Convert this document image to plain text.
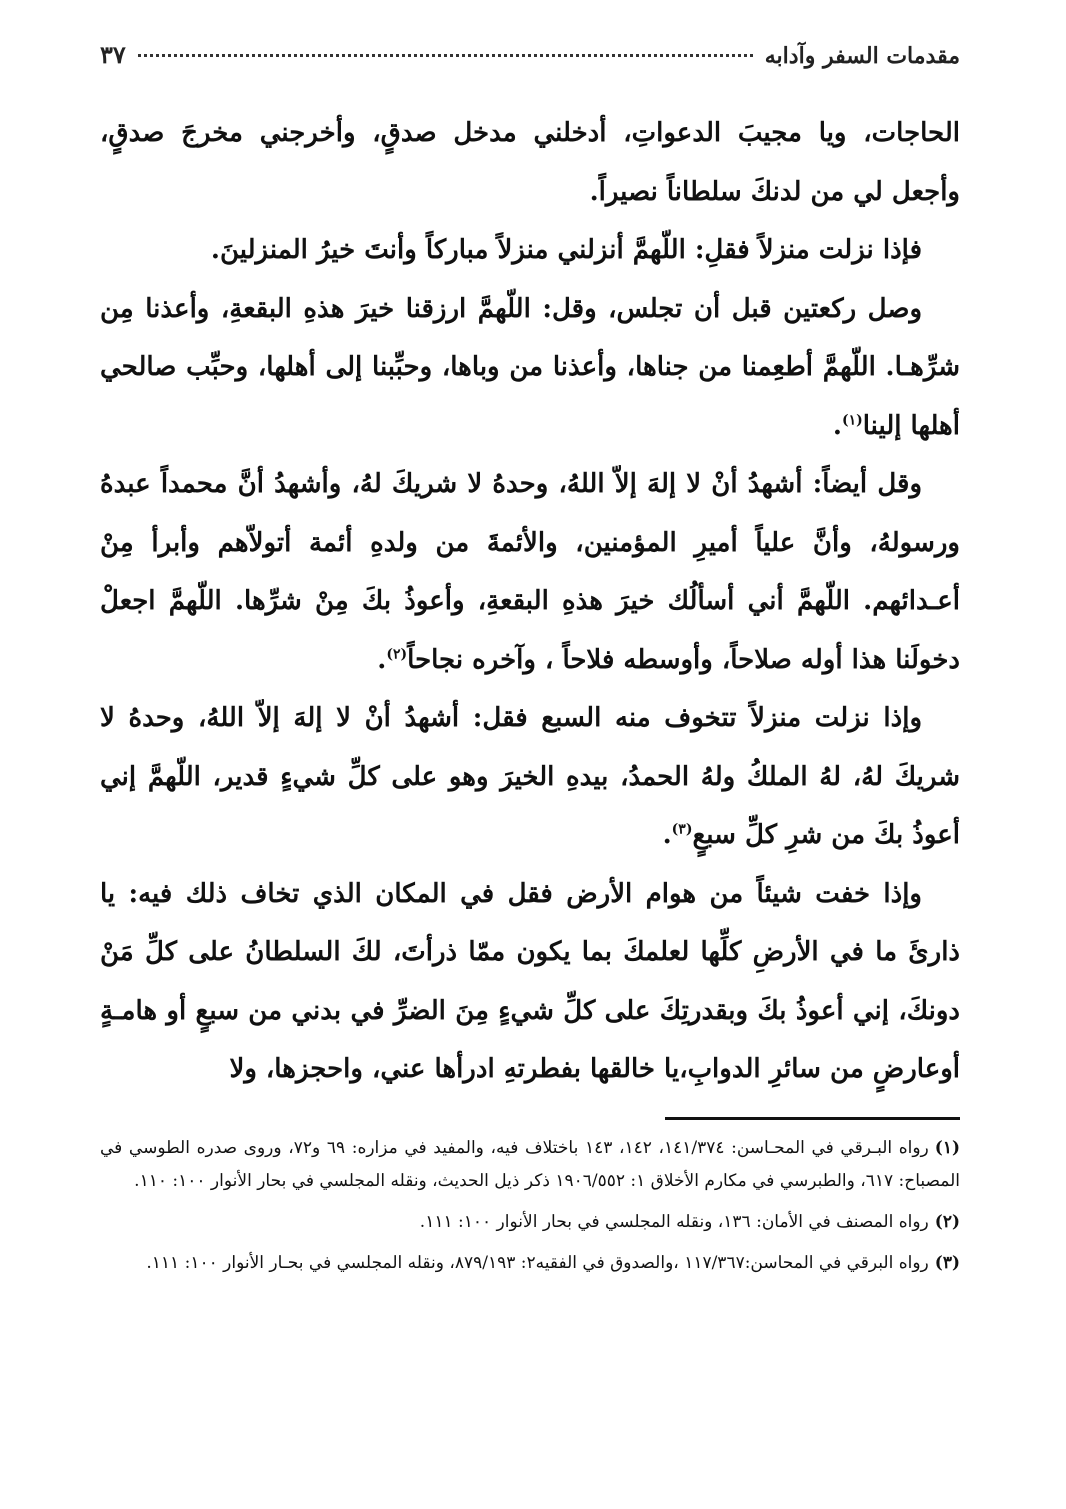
مقدمات السفر وآدابه
٣٧

الحاجات، ويا مجيبَ الدعواتِ، أدخلني مدخل صدقٍ، وأخرجني مخرجَ صدقٍ، وأجعل لي من لدنكَ سلطاناً نصيراً.

فإذا نزلت منزلاً فقلِ: اللّهمَّ أنزلني منزلاً مباركاً وأنتَ خيرُ المنزلينَ.

وصل ركعتين قبل أن تجلس، وقل: اللّهمَّ ارزقنا خيرَ هذهِ البقعةِ، وأعذنا مِن شرِّهـا. اللّهمَّ أطعِمنا من جناها، وأعذنا من وباها، وحبِّبنا إلى أهلها، وحبِّب صالحي أهلها إلينا$^{(١)}$.

وقل أيضاً: أشهدُ أنْ لا إلهَ إلاّ اللهُ، وحدهُ لا شريكَ لهُ، وأشهدُ أنَّ محمداً عبدهُ ورسولهُ، وأنَّ علياً أميرِ المؤمنين، والأئمةَ من ولدهِ أئمة أتولاّهم وأبرأ مِنْ أعـدائهم. اللّهمَّ أني أسألُك خيرَ هذهِ البقعةِ، وأعوذُ بكَ مِنْ شرِّها. اللّهمَّ اجعلْ دخولَنا هذا أوله صلاحاً، وأوسطه فلاحاً ، وآخره نجاحاً$^{(٢)}$.

وإذا نزلت منزلاً تتخوف منه السبع فقل: أشهدُ أنْ لا إلهَ إلاّ اللهُ، وحدهُ لا شريكَ لهُ، لهُ الملكُ ولهُ الحمدُ، بيدهِ الخيرَ وهو على كلِّ شيءٍ قدير، اللّهمَّ إني أعوذُ بكَ من شرِ كلِّ سبعٍ$^{(٣)}$.

وإذا خفت شيئاً من هوام الأرض فقل في المكان الذي تخاف ذلك فيه: يا ذارئَ ما في الأرضِ كلِّها لعلمكَ بما يكون ممّا ذرأتَ، لكَ السلطانُ على كلِّ مَنْ دونكَ، إني أعوذُ بكَ وبقدرتِكَ على كلِّ شيءٍ مِنَ الضرِّ في بدني من سبعٍ أو هامـةٍ أوعارضٍ من سائرِ الدوابِ،يا خالقها بفطرتهِ ادرأها عني، واحجزها، ولا

(١)رواه البـرقي في المحـاسن: ١٤١/٣٧٤، ١٤٢، ١٤٣ باختلاف فيه، والمفيد في مزاره: ٦٩ و٧٢، وروى صدره الطوسي في المصباح: ٦١٧، والطبرسي في مكارم الأخلاق ١: ١٩٠٦/٥٥٢ ذكر ذيل الحديث، ونقله المجلسي في بحار الأنوار ١٠٠: ١١٠.

(٢)رواه المصنف في الأمان: ١٣٦، ونقله المجلسي في بحار الأنوار ١٠٠: ١١١.

(٣)رواه البرقي في المحاسن:١١٧/٣٦٧ ،والصدوق في الفقيه٢: ٨٧٩/١٩٣، ونقله المجلسي في بحـار الأنوار ١٠٠: ١١١.
